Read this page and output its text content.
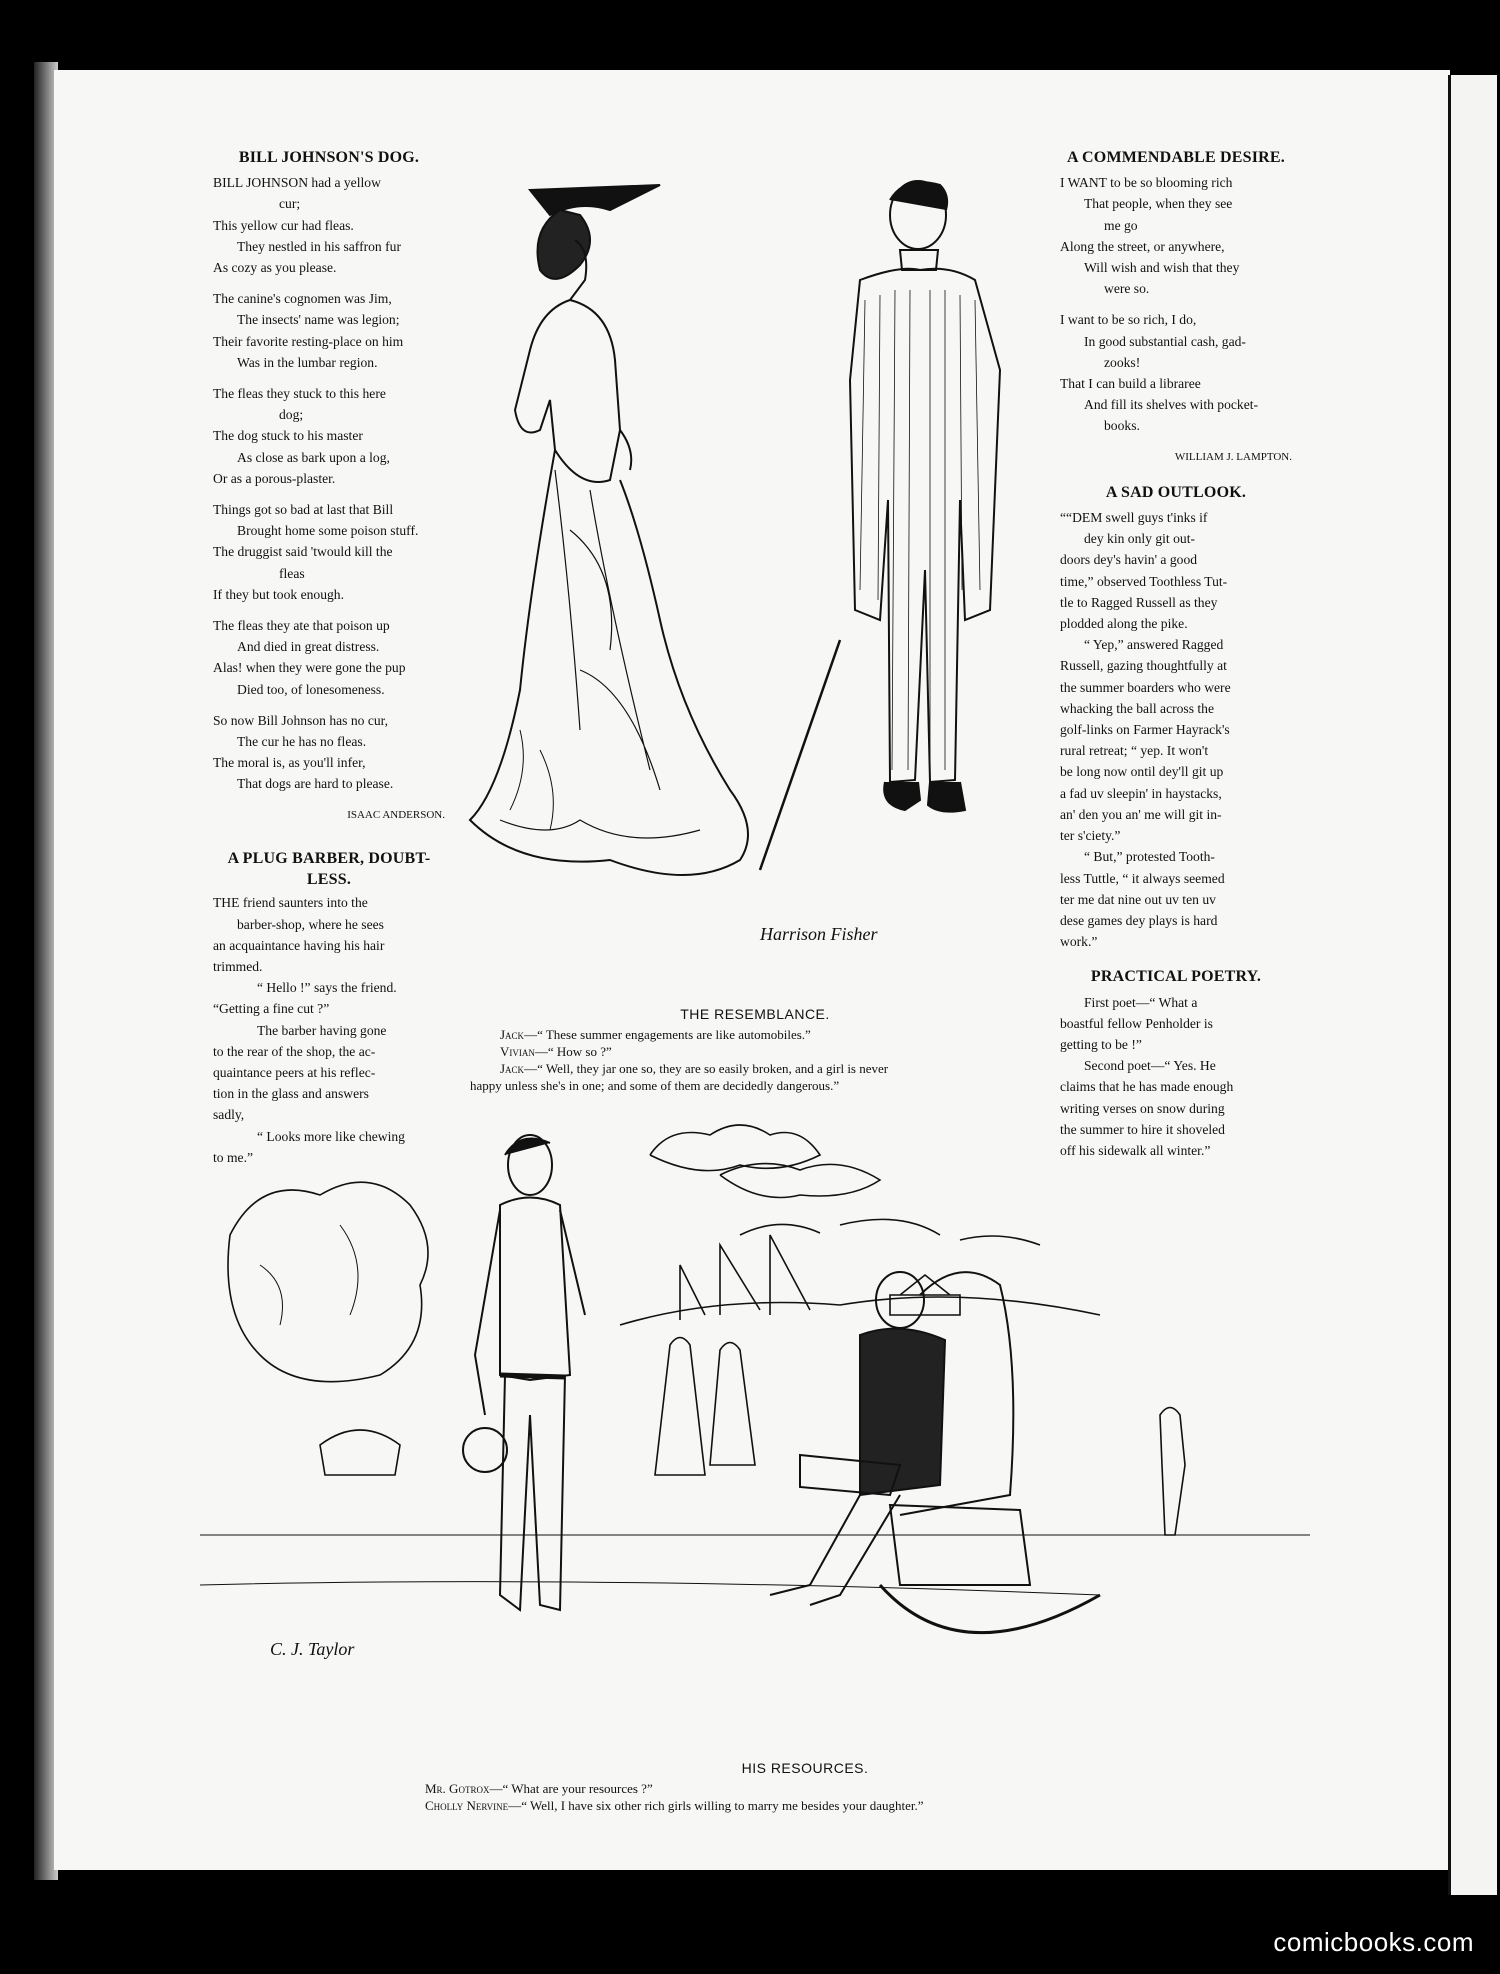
BILL JOHNSON'S DOG.
BILL JOHNSON had a yellow
cur;
This yellow cur had fleas.
They nestled in his saffron fur
As cozy as you please.
The canine's cognomen was Jim,
The insects' name was legion;
Their favorite resting-place on him
Was in the lumbar region.
The fleas they stuck to this here
dog;
The dog stuck to his master
As close as bark upon a log,
Or as a porous-plaster.
Things got so bad at last that Bill
Brought home some poison stuff.
The druggist said 'twould kill the
fleas
If they but took enough.
The fleas they ate that poison up
And died in great distress.
Alas! when they were gone the pup
Died too, of lonesomeness.
So now Bill Johnson has no cur,
The cur he has no fleas.
The moral is, as you'll infer,
That dogs are hard to please.
ISAAC ANDERSON.
A PLUG BARBER, DOUBT-
LESS.
THE friend saunters into the
barber-shop, where he sees
an acquaintance having his hair
trimmed.
“ Hello !” says the friend.
“Getting a fine cut ?”
The barber having gone
to the rear of the shop, the ac-
quaintance peers at his reflec-
tion in the glass and answers
sadly,
“ Looks more like chewing
to me.”
A COMMENDABLE DESIRE.
I WANT to be so blooming rich
That people, when they see
me go
Along the street, or anywhere,
Will wish and wish that they
were so.
I want to be so rich, I do,
In good substantial cash, gad-
zooks!
That I can build a libraree
And fill its shelves with pocket-
books.
WILLIAM J. LAMPTON.
A SAD OUTLOOK.
““DEM swell guys t'inks if
dey kin only git out-
doors dey's havin' a good
time,” observed Toothless Tut-
tle to Ragged Russell as they
plodded along the pike.
“ Yep,” answered Ragged
Russell, gazing thoughtfully at
the summer boarders who were
whacking the ball across the
golf-links on Farmer Hayrack's
rural retreat; “ yep. It won't
be long now ontil dey'll git up
a fad uv sleepin' in haystacks,
an' den you an' me will git in-
ter s'ciety.”
“ But,” protested Tooth-
less Tuttle, “ it always seemed
ter me dat nine out uv ten uv
dese games dey plays is hard
work.”
PRACTICAL POETRY.
First poet—“ What a
boastful fellow Penholder is
getting to be !”
Second poet—“ Yes. He
claims that he has made enough
writing verses on snow during
the summer to hire it shoveled
off his sidewalk all winter.”
Harrison Fisher
THE RESEMBLANCE.
Jack—“ These summer engagements are like automobiles.”
Vivian—“ How so ?”
Jack—“ Well, they jar one so, they are so easily broken, and a girl is never
happy unless she's in one; and some of them are decidedly dangerous.”
C. J. Taylor
HIS RESOURCES.
Mr. Gotrox—“ What are your resources ?”
Cholly Nervine—“ Well, I have six other rich girls willing to marry me besides your daughter.”
comicbooks.com
